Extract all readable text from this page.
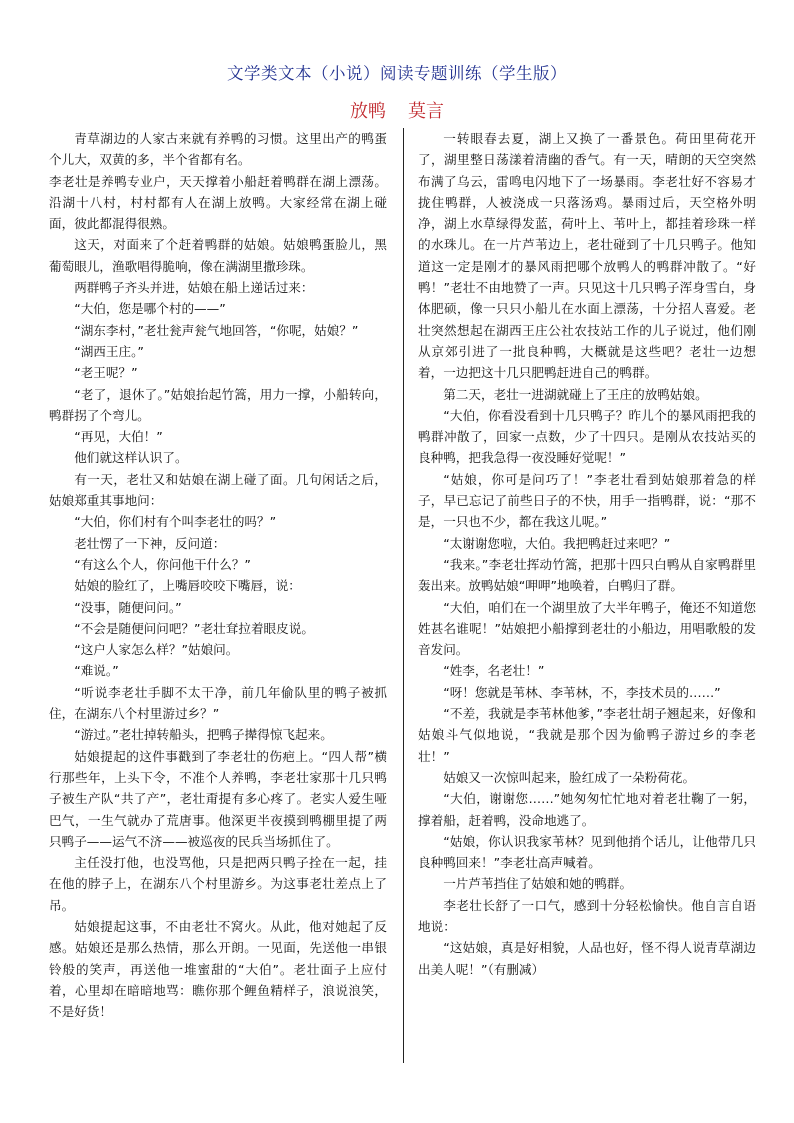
文学类文本（小说）阅读专题训练（学生版）
放鸭 莫言

青草湖边的人家古来就有养鸭的习惯。这里出产的鸭蛋个儿大，双黄的多，半个省都有名。

李老壮是养鸭专业户，天天撑着小船赶着鸭群在湖上漂荡。沿湖十八村，村村都有人在湖上放鸭。大家经常在湖上碰面，彼此都混得很熟。

这天，对面来了个赶着鸭群的姑娘。姑娘鸭蛋脸儿，黑葡萄眼儿，渔歌唱得脆响，像在满湖里撒珍珠。

两群鸭子齐头并进，姑娘在船上递话过来：

“大伯，您是哪个村的——”

“湖东李村，”老壮瓮声瓮气地回答，“你呢，姑娘？”

“湖西王庄。”

“老王呢？”

“老了，退休了。”姑娘抬起竹篙，用力一撑，小船转向，鸭群拐了个弯儿。

“再见，大伯！”

他们就这样认识了。

有一天，老壮又和姑娘在湖上碰了面。几句闲话之后，姑娘郑重其事地问：

“大伯，你们村有个叫李老壮的吗？”

老壮愣了一下神，反问道：

“有这么个人，你问他干什么？”

姑娘的脸红了，上嘴唇咬咬下嘴唇，说：

“没事，随便问问。”

“不会是随便问问吧？”老壮耷拉着眼皮说。

“这户人家怎么样？”姑娘问。

“难说。”

“听说李老壮手脚不太干净，前几年偷队里的鸭子被抓住，在湖东八个村里游过乡？”

“游过。”老壮掉转船头，把鸭子撵得惊飞起来。

姑娘提起的这件事戳到了李老壮的伤疤上。“四人帮”横行那些年，上头下令，不准个人养鸭，李老壮家那十几只鸭子被生产队“共了产”，老壮甭提有多心疼了。老实人爱生哑巴气，一生气就办了荒唐事。他深更半夜摸到鸭棚里提了两只鸭子——运气不济——被巡夜的民兵当场抓住了。

主任没打他，也没骂他，只是把两只鸭子拴在一起，挂在他的脖子上，在湖东八个村里游乡。为这事老壮差点上了吊。

姑娘提起这事，不由老壮不窝火。从此，他对她起了反感。姑娘还是那么热情，那么开朗。一见面，先送他一串银铃般的笑声，再送他一堆蜜甜的“大伯”。老壮面子上应付着，心里却在暗暗地骂：瞧你那个鲤鱼精样子，浪说浪笑，不是好货！

一转眼春去夏，湖上又换了一番景色。荷田里荷花开了，湖里整日荡漾着清幽的香气。有一天，晴朗的天空突然布满了乌云，雷鸣电闪地下了一场暴雨。李老壮好不容易才拢住鸭群，人被浇成一只落汤鸡。暴雨过后，天空格外明净，湖上水草绿得发蓝，荷叶上、苇叶上，都挂着珍珠一样的水珠儿。在一片芦苇边上，老壮碰到了十几只鸭子。他知道这一定是刚才的暴风雨把哪个放鸭人的鸭群冲散了。“好鸭！”老壮不由地赞了一声。只见这十几只鸭子浑身雪白，身体肥硕，像一只只小船儿在水面上漂荡，十分招人喜爱。老壮突然想起在湖西王庄公社农技站工作的儿子说过，他们刚从京郊引进了一批良种鸭，大概就是这些吧？老壮一边想着，一边把这十几只肥鸭赶进自己的鸭群。

第二天，老壮一进湖就碰上了王庄的放鸭姑娘。

“大伯，你看没看到十几只鸭子？昨儿个的暴风雨把我的鸭群冲散了，回家一点数，少了十四只。是刚从农技站买的良种鸭，把我急得一夜没睡好觉呢！”

“姑娘，你可是问巧了！”李老壮看到姑娘那着急的样子，早已忘记了前些日子的不快，用手一指鸭群，说：“那不是，一只也不少，都在我这儿呢。”

“太谢谢您啦，大伯。我把鸭赶过来吧？”

“我来。”李老壮挥动竹篙，把那十四只白鸭从自家鸭群里轰出来。放鸭姑娘“呷呷”地唤着，白鸭归了群。

“大伯，咱们在一个湖里放了大半年鸭子，俺还不知道您姓甚名谁呢！”姑娘把小船撑到老壮的小船边，用唱歌般的发音发问。

“姓李，名老壮！”

“呀！您就是苇林、李苇林，不，李技术员的……”

“不差，我就是李苇林他爹，”李老壮胡子翘起来，好像和姑娘斗气似地说，“我就是那个因为偷鸭子游过乡的李老壮！”

姑娘又一次惊叫起来，脸红成了一朵粉荷花。

“大伯，谢谢您……”她匆匆忙忙地对着老壮鞠了一躬，撑着船，赶着鸭，没命地逃了。

“姑娘，你认识我家苇林？见到他捎个话儿，让他带几只良种鸭回来！”李老壮高声喊着。

一片芦苇挡住了姑娘和她的鸭群。

李老壮长舒了一口气，感到十分轻松愉快。他自言自语地说：

“这姑娘，真是好相貌，人品也好，怪不得人说青草湖边出美人呢！”（有删减）
